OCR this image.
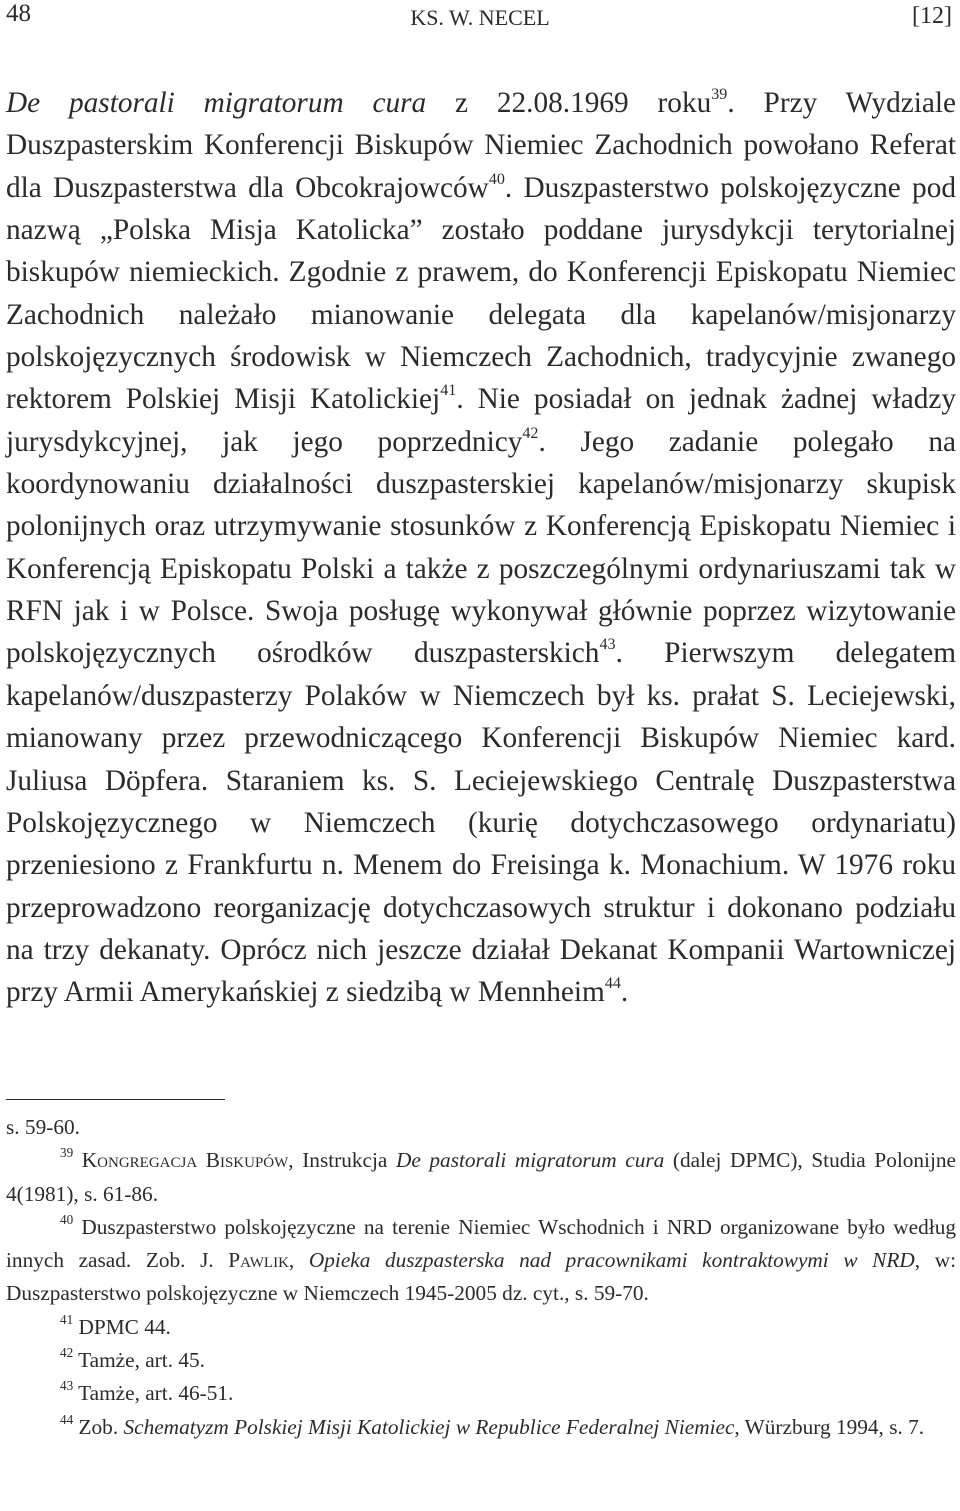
48	KS. W. NECEL	[12]

De pastorali migratorum cura z 22.08.1969 roku$^{39}$. Przy Wydziale Duszpasterskim Konferencji Biskupów Niemiec Zachodnich powołano Referat dla Duszpasterstwa dla Obcokrajowców$^{40}$. Duszpasterstwo polskojęzyczne pod nazwą „Polska Misja Katolicka” zostało poddane jurysdykcji terytorialnej biskupów niemieckich. Zgodnie z prawem, do Konferencji Episkopatu Niemiec Zachodnich należało mianowanie delegata dla kapelanów/misjonarzy polskojęzycznych środowisk w Niemczech Zachodnich, tradycyjnie zwanego rektorem Polskiej Misji Katolickiej$^{41}$. Nie posiadał on jednak żadnej władzy jurysdykcyjnej, jak jego poprzednicy$^{42}$. Jego zadanie polegało na koordynowaniu działalności duszpasterskiej kapelanów/misjonarzy skupisk polonijnych oraz utrzymywanie stosunków z Konferencją Episkopatu Niemiec i Konferencją Episkopatu Polski a także z poszczególnymi ordynariuszami tak w RFN jak i w Polsce. Swoja posługę wykonywał głównie poprzez wizytowanie polskojęzycznych ośrodków duszpasterskich$^{43}$. Pierwszym delegatem kapelanów/duszpasterzy Polaków w Niemczech był ks. prałat S. Leciejewski, mianowany przez przewodniczącego Konferencji Biskupów Niemiec kard. Juliusa Döpfera. Staraniem ks. S. Leciejewskiego Centralę Duszpasterstwa Polskojęzycznego w Niemczech (kurię dotychczasowego ordynariatu) przeniesiono z Frankfurtu n. Menem do Freisinga k. Monachium. W 1976 roku przeprowadzono reorganizację dotychczasowych struktur i dokonano podziału na trzy dekanaty. Oprócz nich jeszcze działał Dekanat Kompanii Wartowniczej przy Armii Amerykańskiej z siedzibą w Mennheim$^{44}$.

s. 59-60.

$^{39}$ Kongregacja Biskupów, Instrukcja De pastorali migratorum cura (dalej DPMC), Studia Polonijne 4(1981), s. 61-86.

$^{40}$ Duszpasterstwo polskojęzyczne na terenie Niemiec Wschodnich i NRD organizowane było według innych zasad. Zob. J. Pawlik, Opieka duszpasterska nad pracownikami kontraktowymi w NRD, w: Duszpasterstwo polskojęzyczne w Niemczech 1945-2005 dz. cyt., s. 59-70.

$^{41}$ DPMC 44.

$^{42}$ Tamże, art. 45.

$^{43}$ Tamże, art. 46-51.

$^{44}$ Zob. Schematyzm Polskiej Misji Katolickiej w Republice Federalnej Niemiec, Würzburg 1994, s. 7.
